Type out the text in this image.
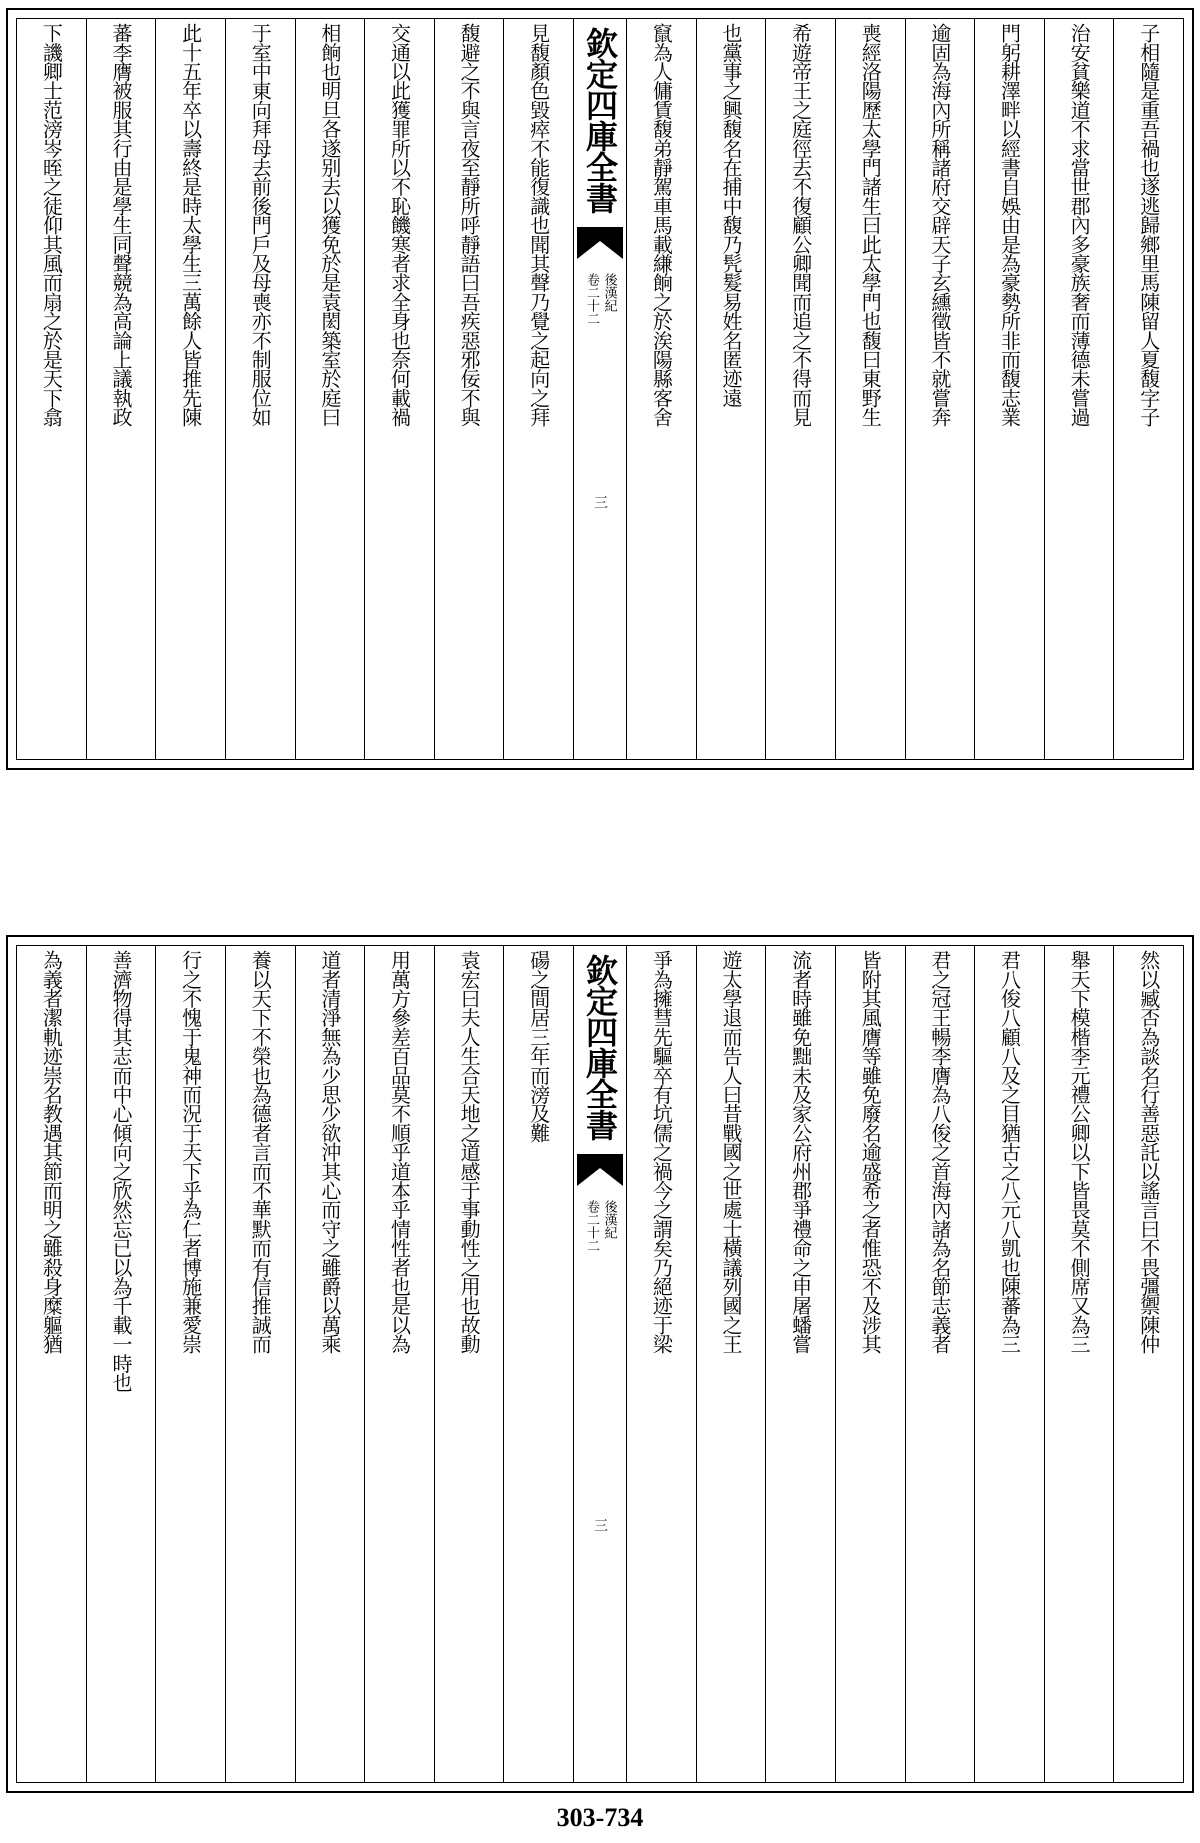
子相隨是重吾禍也遂逃歸鄉里馬陳留人夏馥字子
治安貧樂道不求當世郡內多豪族奢而薄德未嘗過
門躬耕澤畔以經書自娛由是為豪勢所非而馥志業
逾固為海內所稱諸府交辟天子玄纁徵皆不就嘗奔
喪經洛陽歷太學門諸生曰此太學門也馥曰東野生
希遊帝王之庭徑去不復顧公卿聞而追之不得而見
也黨事之興馥名在捕中馥乃髠髮易姓名匿迹遠
竄為人傭賃馥弟靜駕車馬載縑餉之於涘陽縣客舍
欽定四庫全書
後漢紀
卷二十二
三
見馥顏色毀瘁不能復識也聞其聲乃覺之起向之拜
馥避之不與言夜至靜所呼靜語曰吾疾惡邪佞不與
交通以此獲罪所以不恥饑寒者求全身也奈何載禍
相餉也明旦各遂别去以獲免於是袁閎築室於庭曰
于室中東向拜母去前後門戶及母喪亦不制服位如
此十五年卒以壽終是時太學生三萬餘人皆推先陳
蕃李膺被服其行由是學生同聲競為高論上議執政
下譏卿士范滂岑晊之徒仰其風而扇之於是天下翕
然以臧否為談名行善惡託以謠言曰不畏彊禦陳仲
舉天下模楷李元禮公卿以下皆畏莫不側席又為三
君八俊八顧八及之目猶古之八元八凱也陳蕃為三
君之冠王暢李膺為八俊之首海內諸為名節志義者
皆附其風膺等雖免廢名逾盛希之者惟恐不及涉其
流者時雖免黜未及家公府州郡爭禮命之申屠蟠嘗
遊太學退而告人曰昔戰國之世處士橫議列國之王
爭為擁彗先驅卒有坑儒之禍今之謂矣乃絕迹于梁
欽定四庫全書
後漢紀
卷二十二
三
碭之間居三年而滂及難
袁宏曰夫人生合天地之道感于事動性之用也故動
用萬方參差百品莫不順乎道本乎情性者也是以為
道者清淨無為少思少欲沖其心而守之雖爵以萬乘
養以天下不榮也為德者言而不華默而有信推誠而
行之不愧于鬼神而況于天下乎為仁者博施兼愛崇
善濟物得其志而中心傾向之欣然忘已以為千載一時也
為義者潔軌迹崇名教遇其節而明之雖殺身糜軀猶
303-734
